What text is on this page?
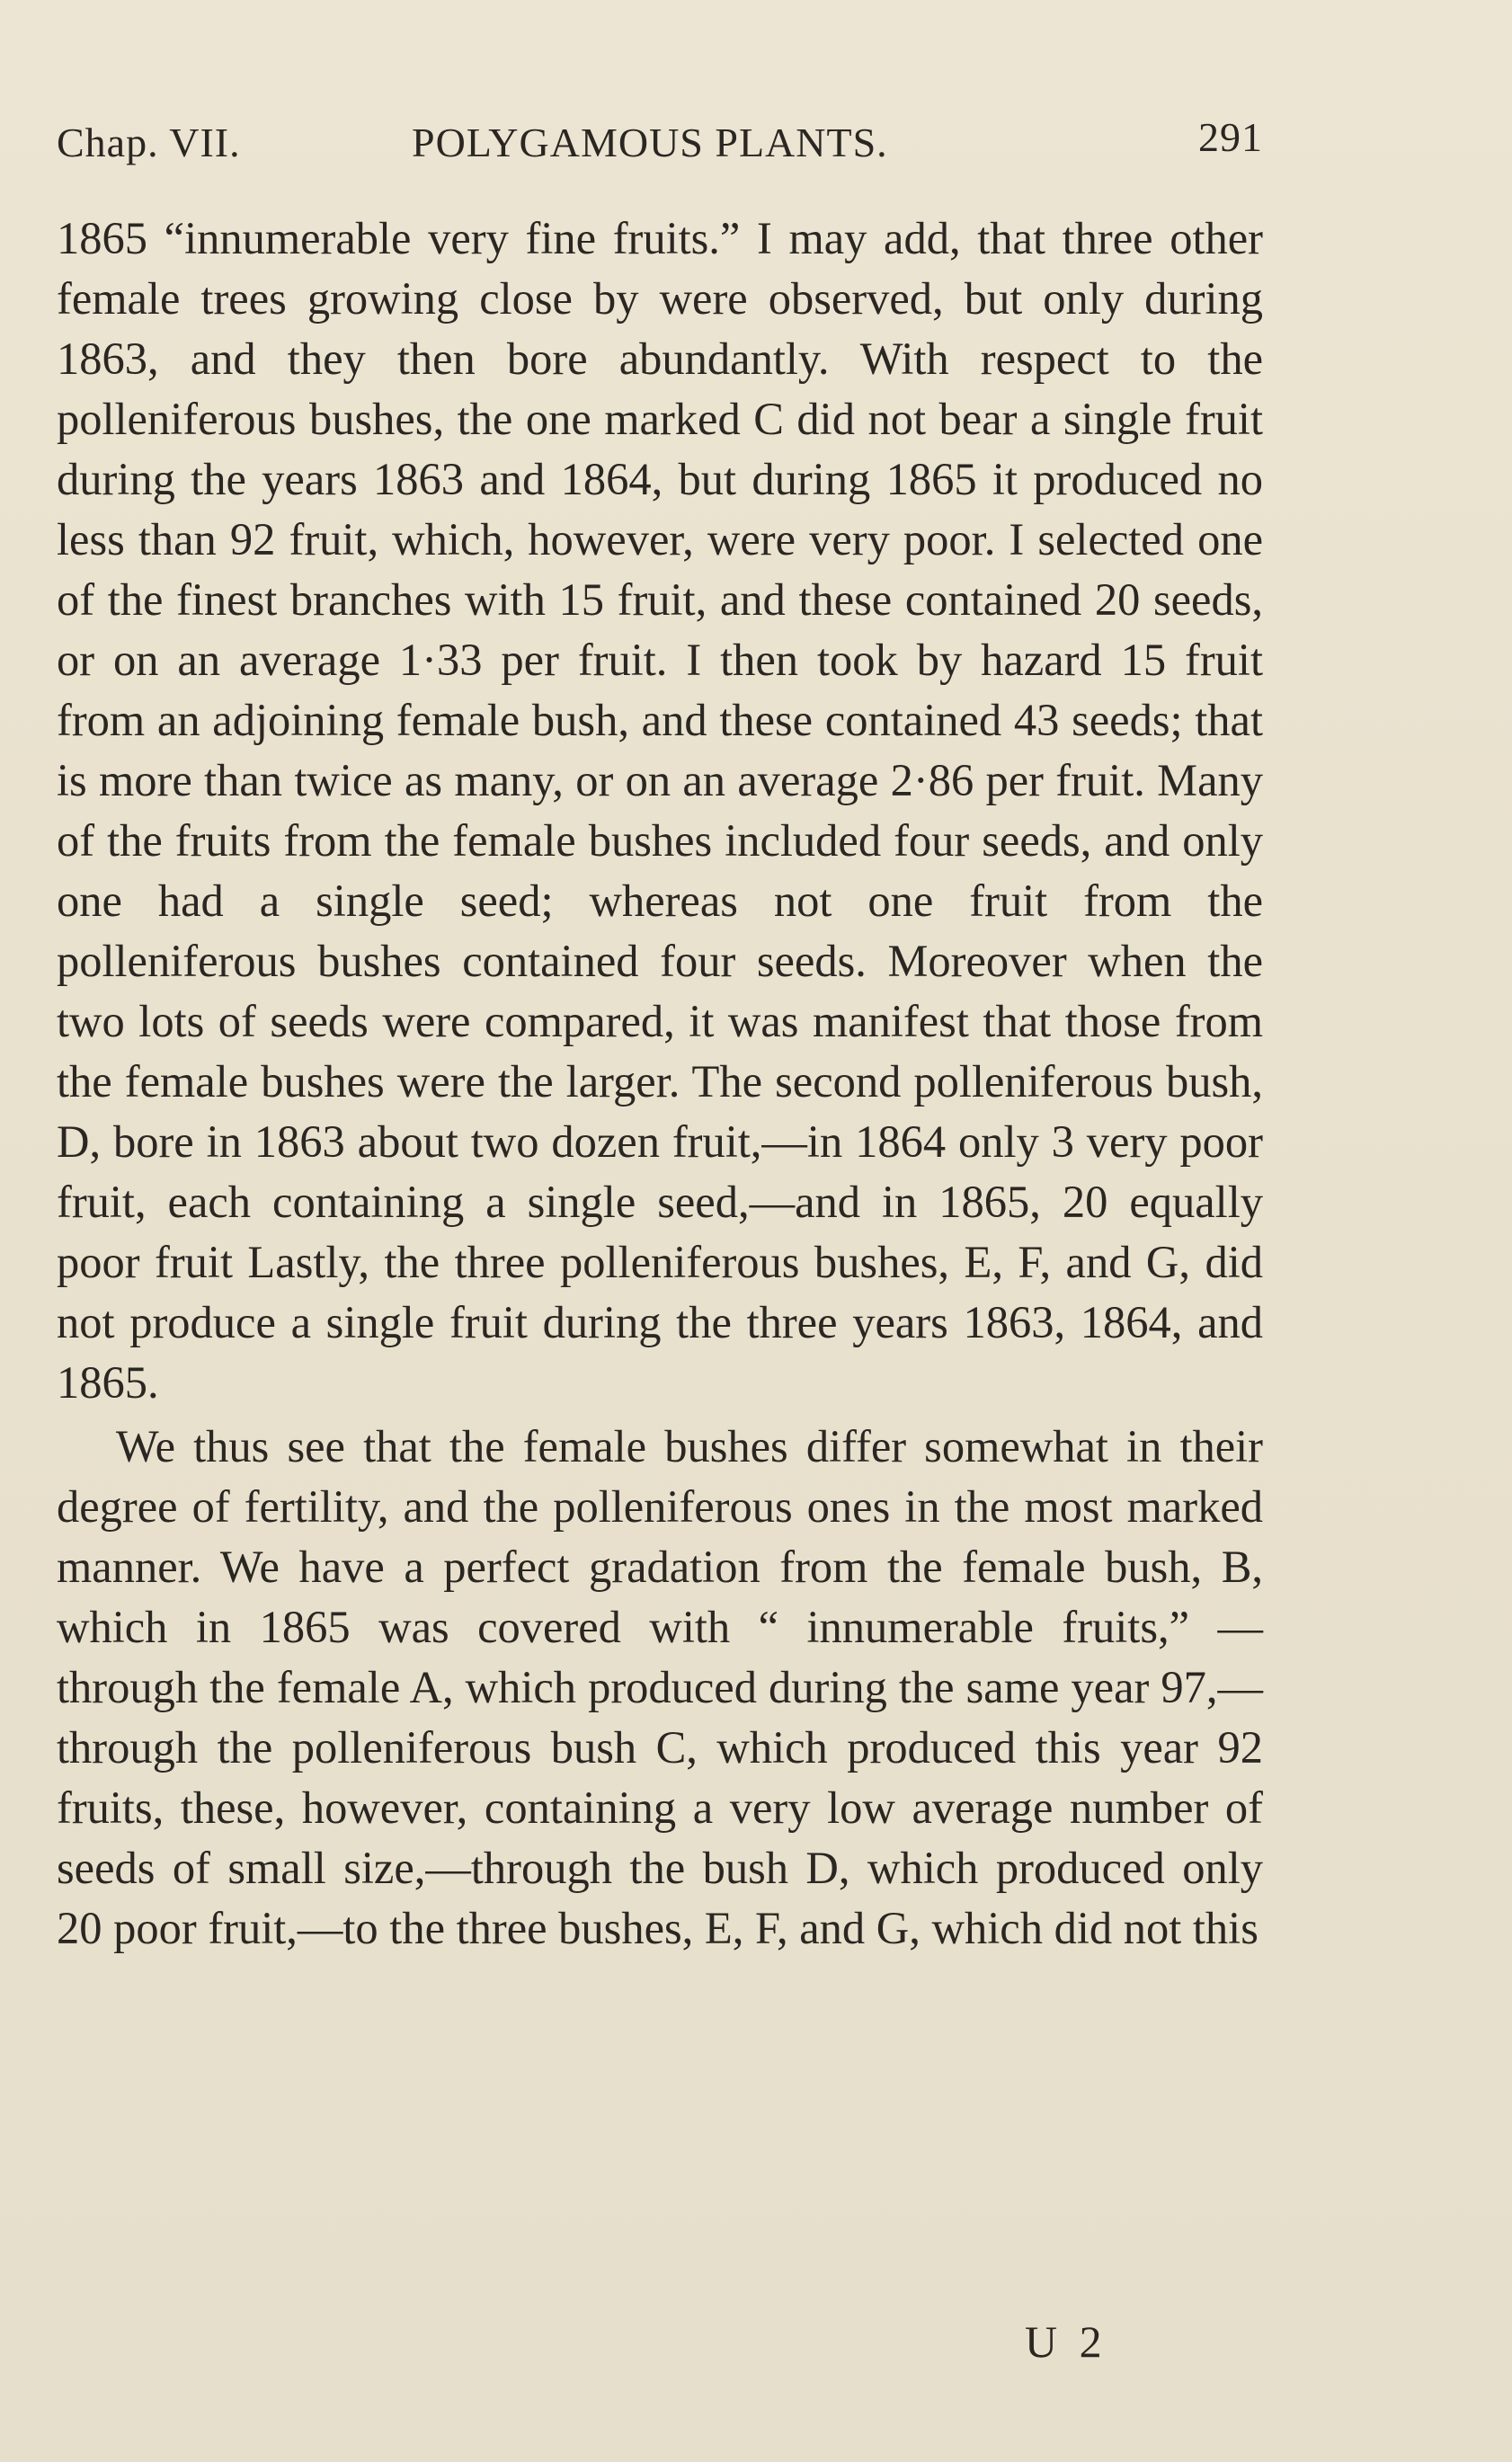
Chap. VII.	POLYGAMOUS PLANTS.	291

1865 “innumerable very fine fruits.” I may add, that three other female trees growing close by were observed, but only during 1863, and they then bore abundantly. With respect to the polleniferous bushes, the one marked C did not bear a single fruit during the years 1863 and 1864, but during 1865 it produced no less than 92 fruit, which, however, were very poor. I selected one of the finest branches with 15 fruit, and these contained 20 seeds, or on an average 1·33 per fruit. I then took by hazard 15 fruit from an adjoining female bush, and these contained 43 seeds; that is more than twice as many, or on an average 2·86 per fruit. Many of the fruits from the female bushes included four seeds, and only one had a single seed; whereas not one fruit from the polleniferous bushes contained four seeds. Moreover when the two lots of seeds were compared, it was manifest that those from the female bushes were the larger. The second polleniferous bush, D, bore in 1863 about two dozen fruit,—in 1864 only 3 very poor fruit, each containing a single seed,—and in 1865, 20 equally poor fruit Lastly, the three polleniferous bushes, E, F, and G, did not produce a single fruit during the three years 1863, 1864, and 1865.

We thus see that the female bushes differ somewhat in their degree of fertility, and the polleniferous ones in the most marked manner. We have a perfect gradation from the female bush, B, which in 1865 was covered with “ innumerable fruits,” — through the female A, which produced during the same year 97,— through the polleniferous bush C, which produced this year 92 fruits, these, however, containing a very low average number of seeds of small size,—through the bush D, which produced only 20 poor fruit,—to the three bushes, E, F, and G, which did not this

U 2
